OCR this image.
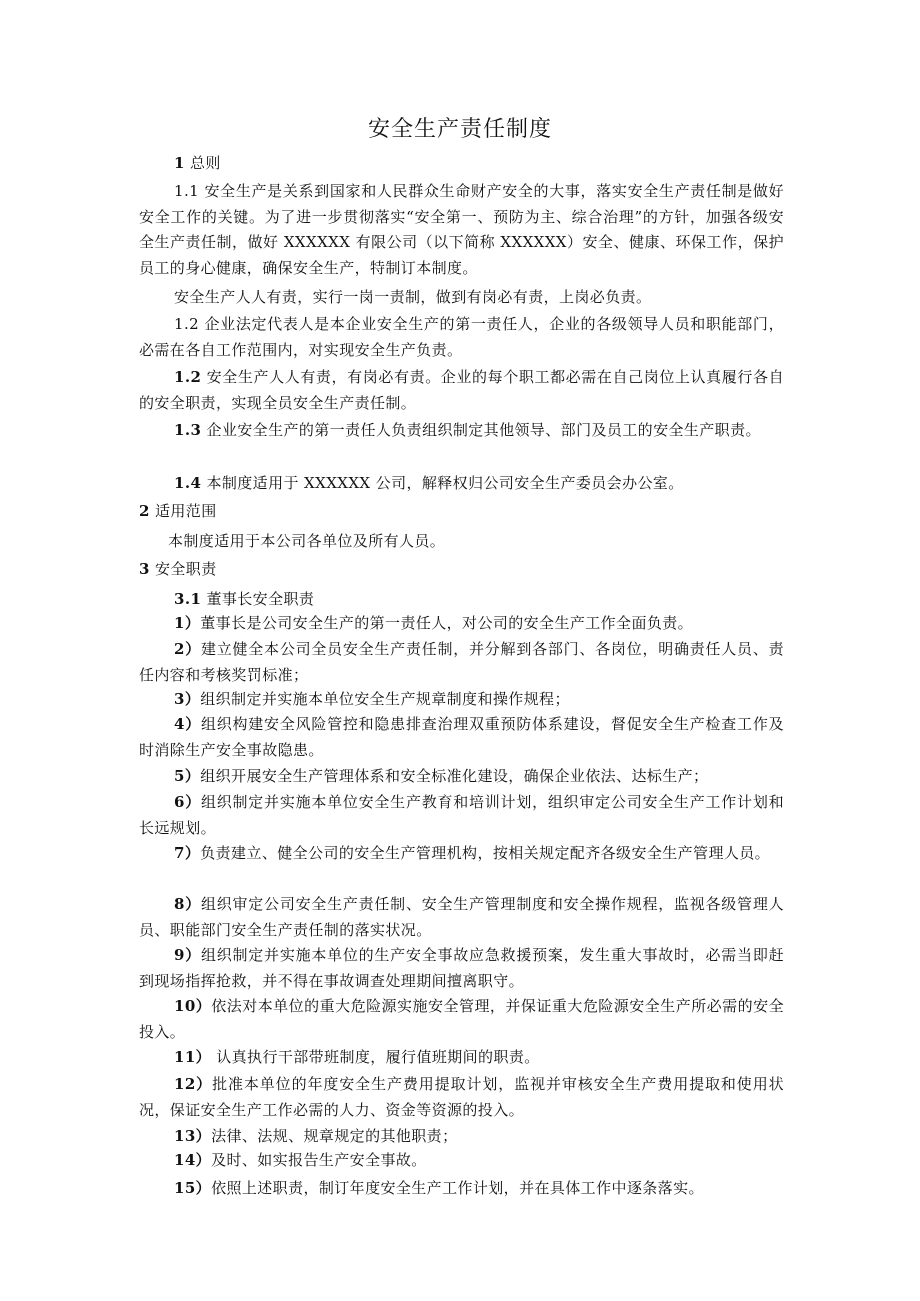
安全生产责任制度
1 总则
1.1 安全生产是关系到国家和人民群众生命财产安全的大事，落实安全生产责任制是做好安全工作的关键。为了进一步贯彻落实“安全第一、预防为主、综合治理”的方针，加强各级安全生产责任制，做好 XXXXXX 有限公司（以下简称 XXXXXX）安全、健康、环保工作，保护员工的身心健康，确保安全生产，特制订本制度。
安全生产人人有责，实行一岗一责制，做到有岗必有责，上岗必负责。
1.2 企业法定代表人是本企业安全生产的第一责任人，企业的各级领导人员和职能部门，必需在各自工作范围内，对实现安全生产负责。
1.2 安全生产人人有责，有岗必有责。企业的每个职工都必需在自己岗位上认真履行各自的安全职责，实现全员安全生产责任制。
1.3 企业安全生产的第一责任人负责组织制定其他领导、部门及员工的安全生产职责。
1.4 本制度适用于 XXXXXX 公司，解释权归公司安全生产委员会办公室。
2 适用范围
本制度适用于本公司各单位及所有人员。
3 安全职责
3.1 董事长安全职责
1）董事长是公司安全生产的第一责任人，对公司的安全生产工作全面负责。
2）建立健全本公司全员安全生产责任制，并分解到各部门、各岗位，明确责任人员、责任内容和考核奖罚标准；
3）组织制定并实施本单位安全生产规章制度和操作规程；
4）组织构建安全风险管控和隐患排查治理双重预防体系建设，督促安全生产检查工作及时消除生产安全事故隐患。
5）组织开展安全生产管理体系和安全标准化建设，确保企业依法、达标生产；
6）组织制定并实施本单位安全生产教育和培训计划，组织审定公司安全生产工作计划和长远规划。
7）负责建立、健全公司的安全生产管理机构，按相关规定配齐各级安全生产管理人员。
8）组织审定公司安全生产责任制、安全生产管理制度和安全操作规程，监视各级管理人员、职能部门安全生产责任制的落实状况。
9）组织制定并实施本单位的生产安全事故应急救援预案，发生重大事故时，必需当即赶到现场指挥抢救，并不得在事故调查处理期间擅离职守。
10）依法对本单位的重大危险源实施安全管理，并保证重大危险源安全生产所必需的安全投入。
11） 认真执行干部带班制度，履行值班期间的职责。
12）批准本单位的年度安全生产费用提取计划，监视并审核安全生产费用提取和使用状况，保证安全生产工作必需的人力、资金等资源的投入。
13）法律、法规、规章规定的其他职责；
14）及时、如实报告生产安全事故。
15）依照上述职责，制订年度安全生产工作计划，并在具体工作中逐条落实。
